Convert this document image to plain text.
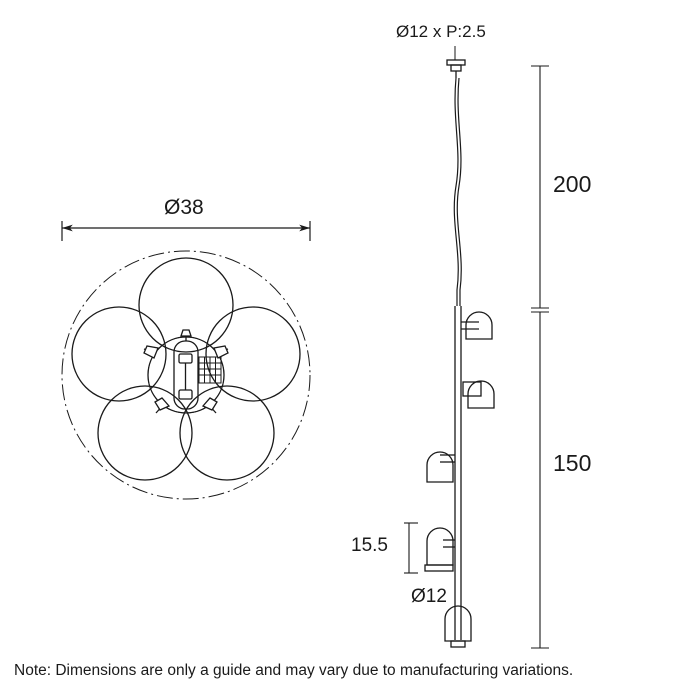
Ø38
Ø12 x P:2.5
200
150
15.5
Ø12
Note: Dimensions are only a guide and may vary due to manufacturing variations.
